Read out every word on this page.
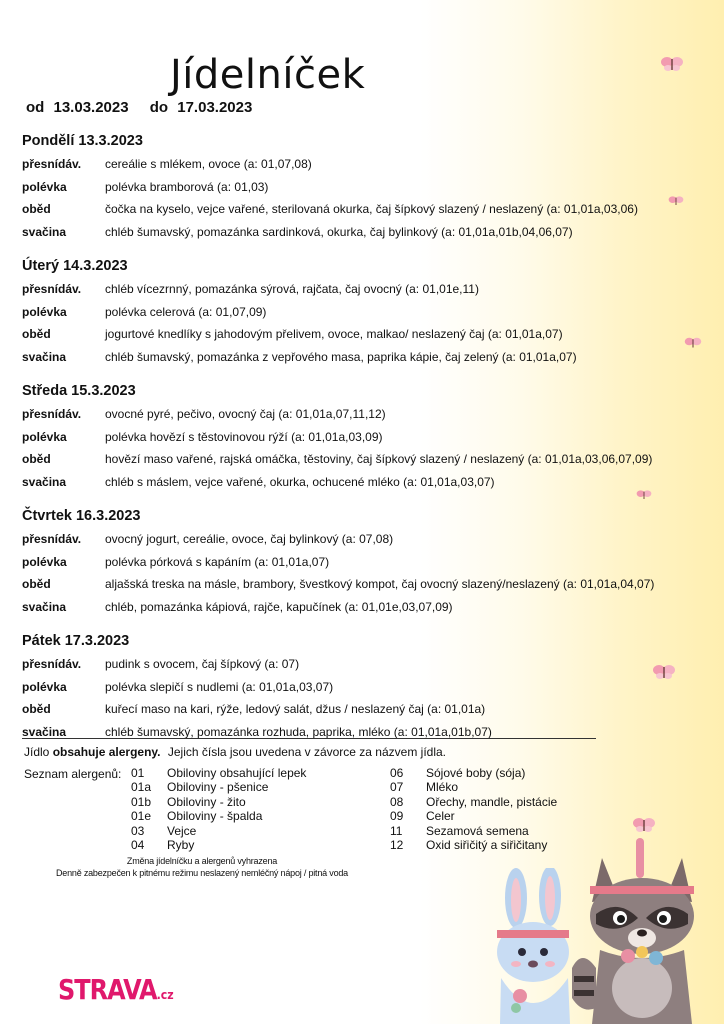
Jídelníček
od 13.03.2023 do 17.03.2023
Pondělí 13.3.2023
přesnídáv.	cereálie s mlékem, ovoce (a: 01,07,08)
polévka	polévka bramborová (a: 01,03)
oběd	čočka na kyselo, vejce vařené, sterilovaná okurka, čaj šípkový slazený / neslazený (a: 01,01a,03,06)
svačina	chléb šumavský, pomazánka sardinková, okurka, čaj bylinkový (a: 01,01a,01b,04,06,07)
Úterý 14.3.2023
přesnídáv.	chléb vícezrnný, pomazánka sýrová, rajčata, čaj ovocný (a: 01,01e,11)
polévka	polévka celerová (a: 01,07,09)
oběd	jogurtové knedlíky s jahodovým přelivem, ovoce, malkao/ neslazený čaj (a: 01,01a,07)
svačina	chléb šumavský, pomazánka z vepřového masa, paprika kápie, čaj zelený (a: 01,01a,07)
Středa 15.3.2023
přesnídáv.	ovocné pyré, pečivo, ovocný čaj (a: 01,01a,07,11,12)
polévka	polévka hovězí s těstovinovou rýží (a: 01,01a,03,09)
oběd	hovězí maso vařené, rajská omáčka, těstoviny, čaj šípkový slazený / neslazený (a: 01,01a,03,06,07,09)
svačina	chléb s máslem, vejce vařené, okurka, ochucené mléko (a: 01,01a,03,07)
Čtvrtek 16.3.2023
přesnídáv.	ovocný jogurt, cereálie, ovoce, čaj bylinkový (a: 07,08)
polévka	polévka pórková s kapáním (a: 01,01a,07)
oběd	aljašská treska na másle, brambory, švestkový kompot, čaj ovocný slazený/neslazený (a: 01,01a,04,07)
svačina	chléb, pomazánka kápiová, rajče, kapučínek (a: 01,01e,03,07,09)
Pátek 17.3.2023
přesnídáv.	pudink s ovocem, čaj šípkový (a: 07)
polévka	polévka slepičí s nudlemi (a: 01,01a,03,07)
oběd	kuřecí maso na kari, rýže, ledový salát, džus / neslazený čaj (a: 01,01a)
svačina	chléb šumavský, pomazánka rozhuda, paprika, mléko (a: 01,01a,01b,07)
Jídlo obsahuje alergeny. Jejich čísla jsou uvedena v závorce za názvem jídla.
Seznam alergenů: 01	Obiloviny obsahující lepek
01a	Obiloviny - pšenice
01b	Obiloviny - žito
01e	Obiloviny - špalda
03	Vejce
04	Ryby
06	Sójové boby (sója)
07	Mléko
08	Ořechy, mandle, pistácie
09	Celer
11	Sezamová semena
12	Oxid siřičitý a siřičitany
Změna jídelníčku a alergenů vyhrazena
Denně zabezpečen k pitnému režimu neslazený nemléčný nápoj / pitná voda
STRAVA.cz
